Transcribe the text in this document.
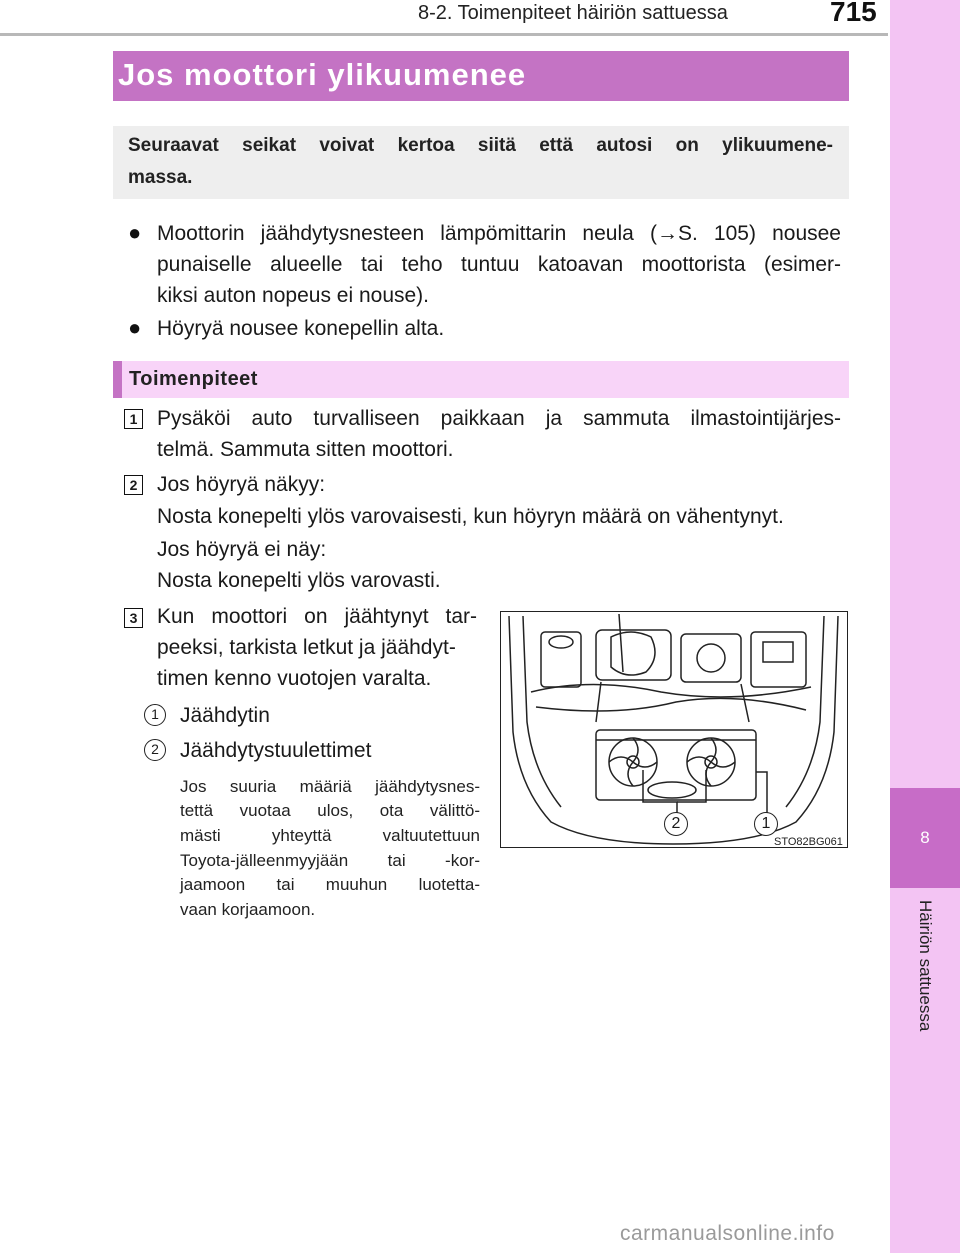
8-2. Toimenpiteet häiriön sattuessa	715
8
Häiriön sattuessa
Jos moottori ylikuumenee
Seuraavat seikat voivat kertoa siitä että autosi on ylikuumene-
massa.
● Moottorin jäähdytysnesteen lämpömittarin neula (→S. 105) nousee
punaiselle alueelle tai teho tuntuu katoavan moottorista (esimer-
kiksi auton nopeus ei nouse).
● Höyryä nousee konepellin alta.
Toimenpiteet
1 Pysäköi auto turvalliseen paikkaan ja sammuta ilmastointijärjes-
telmä. Sammuta sitten moottori.
2 Jos höyryä näkyy:
Nosta konepelti ylös varovaisesti, kun höyryn määrä on vähentynyt.
Jos höyryä ei näy:
Nosta konepelti ylös varovasti.
3 Kun moottori on jäähtynyt tar-
peeksi, tarkista letkut ja jäähdyt-
timen kenno vuotojen varalta.
1	Jäähdytin
2	Jäähdytystuulettimet
Jos suuria määriä jäähdytysnes-
tettä vuotaa ulos, ota välittö-
mästi yhteyttä valtuutettuun
Toyota-jälleenmyyjään tai -kor-
jaamoon tai muuhun luotetta-
vaan korjaamoon.
2	1
STO82BG061
carmanualsonline.info
